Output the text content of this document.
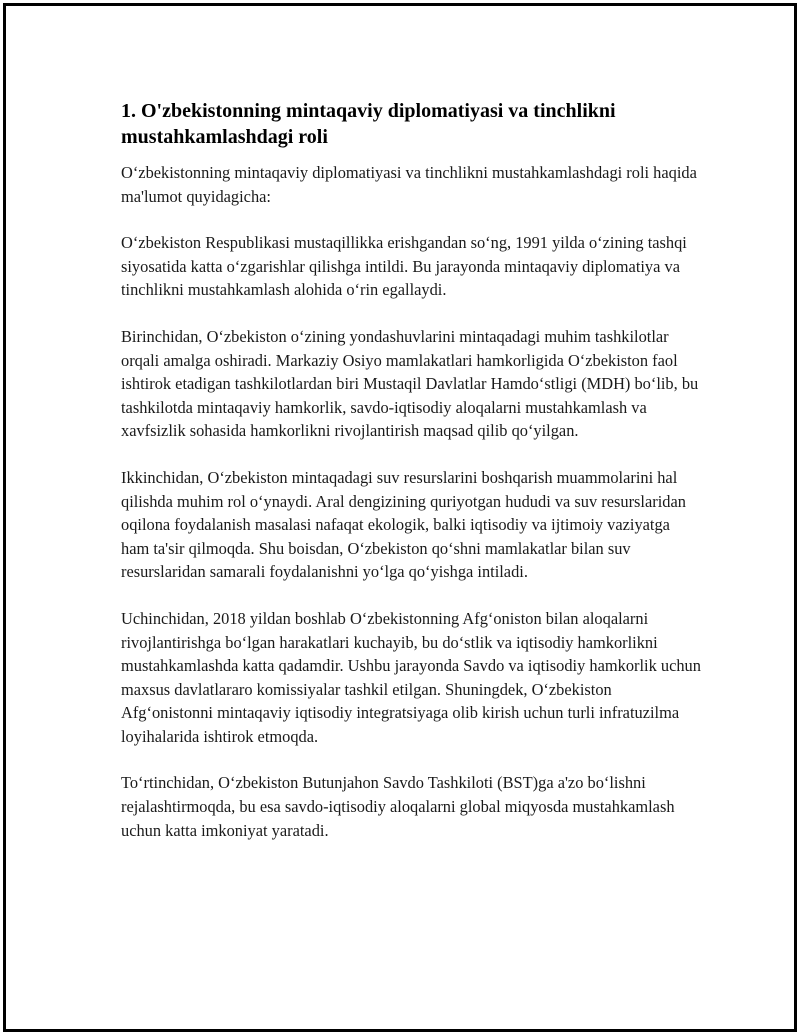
1. O'zbekistonning mintaqaviy diplomatiyasi va tinchlikni mustahkamlashdagi roli

O‘zbekistonning mintaqaviy diplomatiyasi va tinchlikni mustahkamlashdagi roli haqida ma'lumot quyidagicha:

O‘zbekiston Respublikasi mustaqillikka erishgandan so‘ng, 1991 yilda o‘zining tashqi siyosatida katta o‘zgarishlar qilishga intildi. Bu jarayonda mintaqaviy diplomatiya va tinchlikni mustahkamlash alohida o‘rin egallaydi.

Birinchidan, O‘zbekiston o‘zining yondashuvlarini mintaqadagi muhim tashkilotlar orqali amalga oshiradi. Markaziy Osiyo mamlakatlari hamkorligida O‘zbekiston faol ishtirok etadigan tashkilotlardan biri Mustaqil Davlatlar Hamdo‘stligi (MDH) bo‘lib, bu tashkilotda mintaqaviy hamkorlik, savdo-iqtisodiy aloqalarni mustahkamlash va xavfsizlik sohasida hamkorlikni rivojlantirish maqsad qilib qo‘yilgan.

Ikkinchidan, O‘zbekiston mintaqadagi suv resurslarini boshqarish muammolarini hal qilishda muhim rol o‘ynaydi. Aral dengizining quriyotgan hududi va suv resurslaridan oqilona foydalanish masalasi nafaqat ekologik, balki iqtisodiy va ijtimoiy vaziyatga ham ta'sir qilmoqda. Shu boisdan, O‘zbekiston qo‘shni mamlakatlar bilan suv resurslaridan samarali foydalanishni yo‘lga qo‘yishga intiladi.

Uchinchidan, 2018 yildan boshlab O‘zbekistonning Afg‘oniston bilan aloqalarni rivojlantirishga bo‘lgan harakatlari kuchayib, bu do‘stlik va iqtisodiy hamkorlikni mustahkamlashda katta qadamdir. Ushbu jarayonda Savdo va iqtisodiy hamkorlik uchun maxsus davlatlararo komissiyalar tashkil etilgan. Shuningdek, O‘zbekiston Afg‘onistonni mintaqaviy iqtisodiy integratsiyaga olib kirish uchun turli infratuzilma loyihalarida ishtirok etmoqda.

To‘rtinchidan, O‘zbekiston Butunjahon Savdo Tashkiloti (BST)ga a'zo bo‘lishni rejalashtirmoqda, bu esa savdo-iqtisodiy aloqalarni global miqyosda mustahkamlash uchun katta imkoniyat yaratadi.
